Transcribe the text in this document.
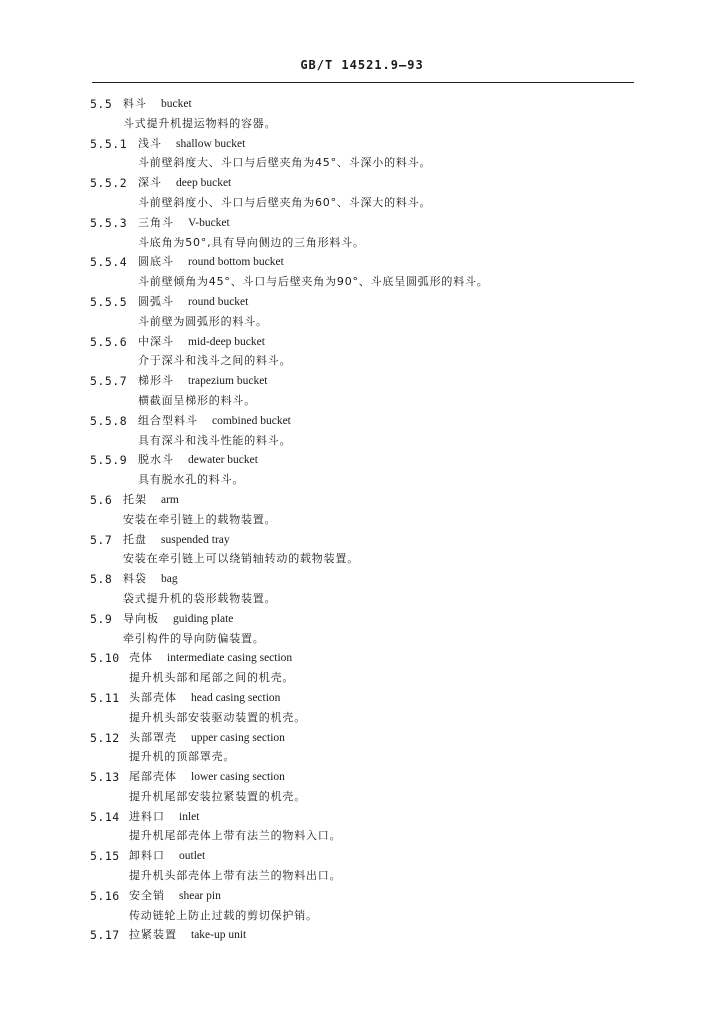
GB/T 14521.9—93
5.5 料斗 bucket
斗式提升机提运物料的容器。
5.5.1 浅斗 shallow bucket
斗前壁斜度大、斗口与后壁夹角为45°、斗深小的料斗。
5.5.2 深斗 deep bucket
斗前壁斜度小、斗口与后壁夹角为60°、斗深大的料斗。
5.5.3 三角斗 V-bucket
斗底角为50°,具有导向侧边的三角形料斗。
5.5.4 圆底斗 round bottom bucket
斗前壁倾角为45°、斗口与后壁夹角为90°、斗底呈圆弧形的料斗。
5.5.5 圆弧斗 round bucket
斗前壁为圆弧形的料斗。
5.5.6 中深斗 mid-deep bucket
介于深斗和浅斗之间的料斗。
5.5.7 梯形斗 trapezium bucket
横截面呈梯形的料斗。
5.5.8 组合型料斗 combined bucket
具有深斗和浅斗性能的料斗。
5.5.9 脱水斗 dewater bucket
具有脱水孔的料斗。
5.6 托架 arm
安装在牵引链上的载物装置。
5.7 托盘 suspended tray
安装在牵引链上可以绕销轴转动的载物装置。
5.8 料袋 bag
袋式提升机的袋形载物装置。
5.9 导向板 guiding plate
牵引构件的导向防偏装置。
5.10 壳体 intermediate casing section
提升机头部和尾部之间的机壳。
5.11 头部壳体 head casing section
提升机头部安装驱动装置的机壳。
5.12 头部罩壳 upper casing section
提升机的顶部罩壳。
5.13 尾部壳体 lower casing section
提升机尾部安装拉紧装置的机壳。
5.14 进料口 inlet
提升机尾部壳体上带有法兰的物料入口。
5.15 卸料口 outlet
提升机头部壳体上带有法兰的物料出口。
5.16 安全销 shear pin
传动链轮上防止过载的剪切保护销。
5.17 拉紧装置 take-up unit
